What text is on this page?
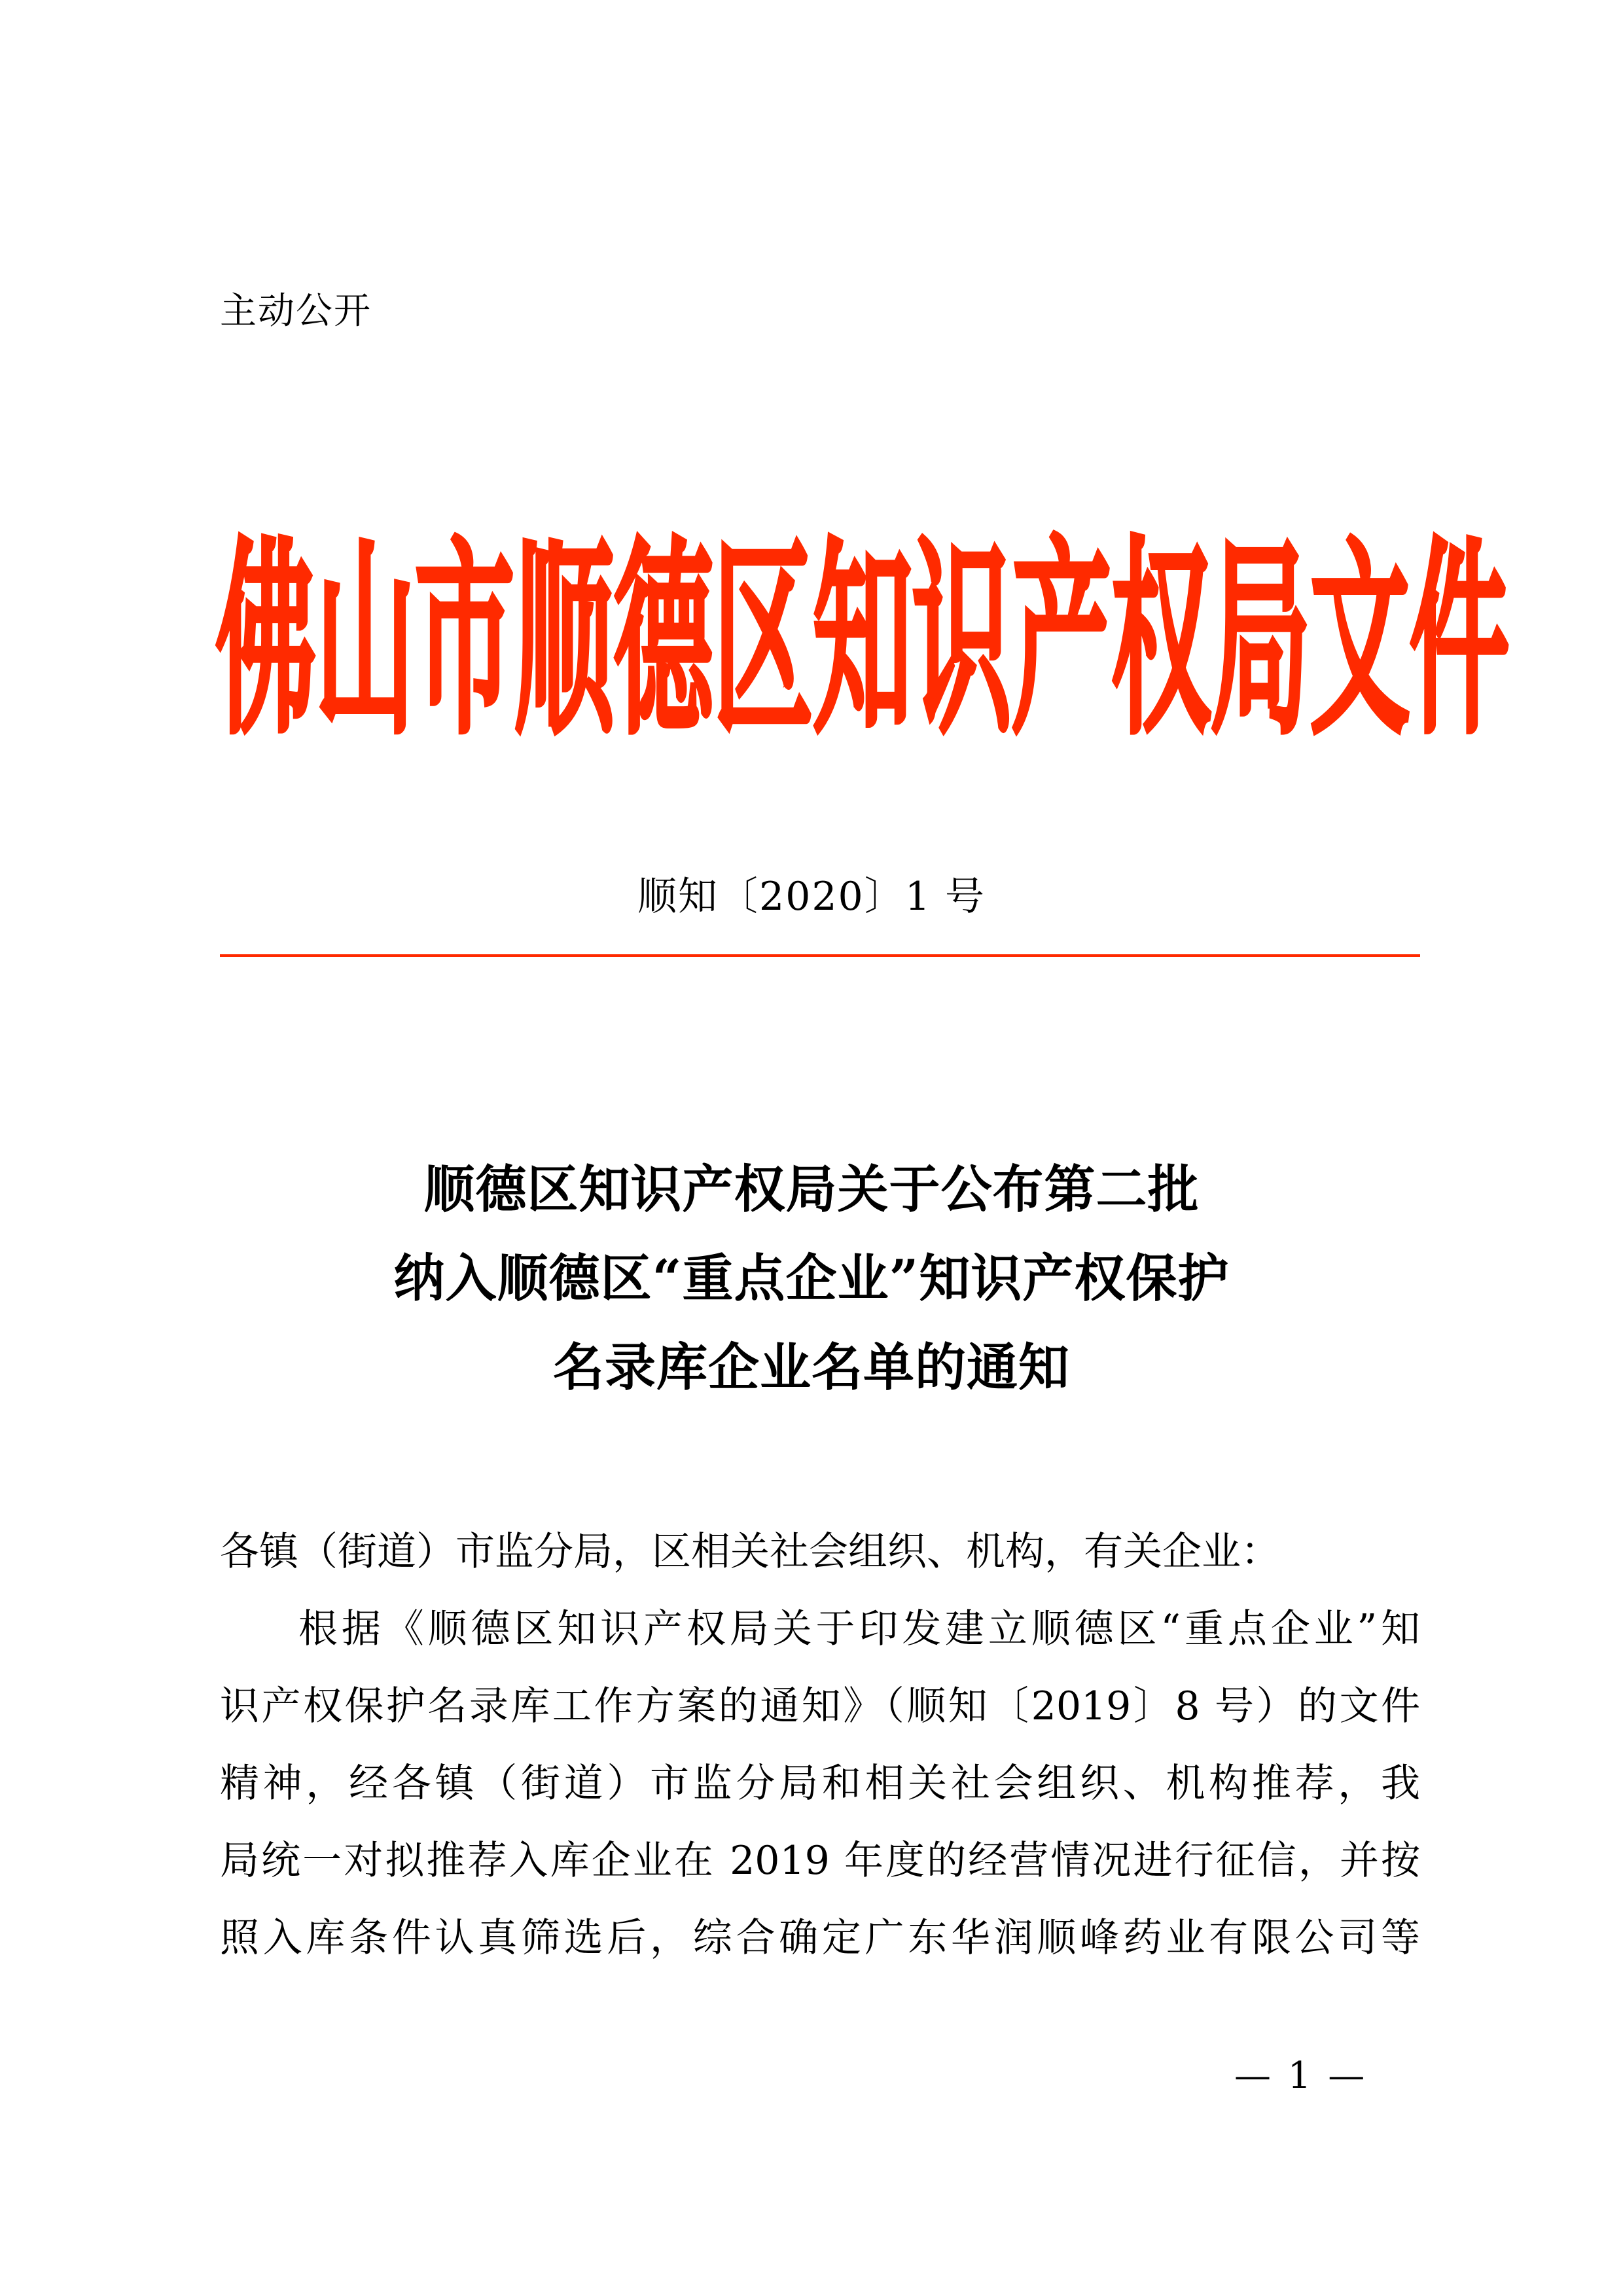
主动公开
佛 山 市 顺 德 区 知 识 产 权 局 文 件
顺知〔2020〕1 号
顺德区知识产权局关于公布第二批
纳入顺德区“重点企业”知识产权保护
名录库企业名单的通知
各镇（街道）市监分局，区相关社会组织、机构，有关企业：
根据《顺德区知识产权局关于印发建立顺德区“重点企业”知
识产权保护名录库工作方案的通知》（顺知〔2019〕8 号）的文件
精神，经各镇（街道）市监分局和相关社会组织、机构推荐，我
局统一对拟推荐入库企业在 2019 年度的经营情况进行征信，并按
照入库条件认真筛选后，综合确定广东华润顺峰药业有限公司等
— 1 —
